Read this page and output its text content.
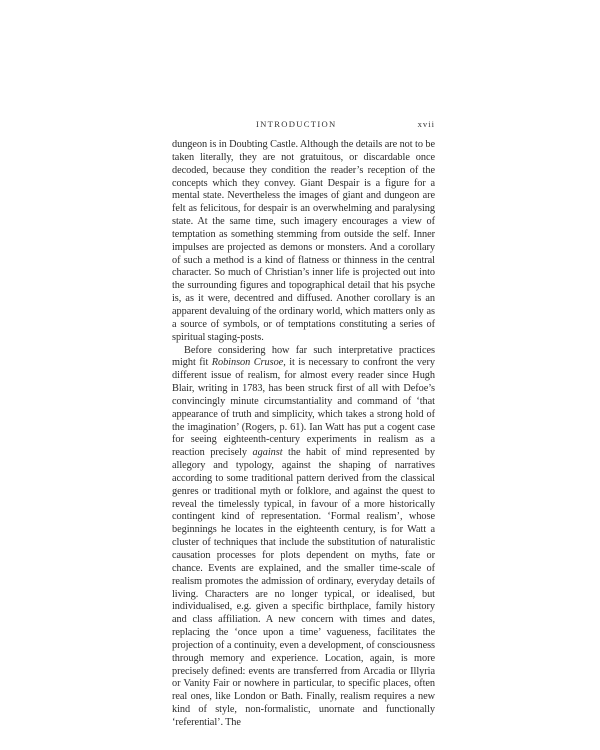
INTRODUCTION	xvii

dungeon is in Doubting Castle. Although the details are not to be taken literally, they are not gratuitous, or discardable once decoded, because they condition the reader’s reception of the concepts which they convey. Giant Despair is a figure for a mental state. Nevertheless the images of giant and dungeon are felt as felicitous, for despair is an overwhelming and paralysing state. At the same time, such imagery encourages a view of temptation as something stemming from outside the self. Inner impulses are projected as demons or monsters. And a corollary of such a method is a kind of flatness or thinness in the central character. So much of Christian’s inner life is projected out into the surrounding figures and topographical detail that his psyche is, as it were, decentred and diffused. Another corollary is an apparent devaluing of the ordinary world, which matters only as a source of symbols, or of temptations constituting a series of spiritual staging-posts.

Before considering how far such interpretative practices might fit Robinson Crusoe, it is necessary to confront the very different issue of realism, for almost every reader since Hugh Blair, writing in 1783, has been struck first of all with Defoe’s convincingly minute circumstantiality and command of ‘that appearance of truth and simplicity, which takes a strong hold of the imagination’ (Rogers, p. 61). Ian Watt has put a cogent case for seeing eighteenth-century experiments in realism as a reaction precisely against the habit of mind represented by allegory and typology, against the shaping of narratives according to some traditional pattern derived from the classical genres or traditional myth or folklore, and against the quest to reveal the timelessly typical, in favour of a more historically contingent kind of representation. ‘Formal realism’, whose beginnings he locates in the eighteenth century, is for Watt a cluster of techniques that include the substitution of naturalistic causation processes for plots dependent on myths, fate or chance. Events are explained, and the smaller time-scale of realism promotes the admission of ordinary, everyday details of living. Characters are no longer typical, or idealised, but individualised, e.g. given a specific birthplace, family history and class affiliation. A new concern with times and dates, replacing the ‘once upon a time’ vagueness, facilitates the projection of a continuity, even a development, of consciousness through memory and experience. Location, again, is more precisely defined: events are transferred from Arcadia or Illyria or Vanity Fair or nowhere in particular, to specific places, often real ones, like London or Bath. Finally, realism requires a new kind of style, non-formalistic, unornate and functionally ‘referential’. The
